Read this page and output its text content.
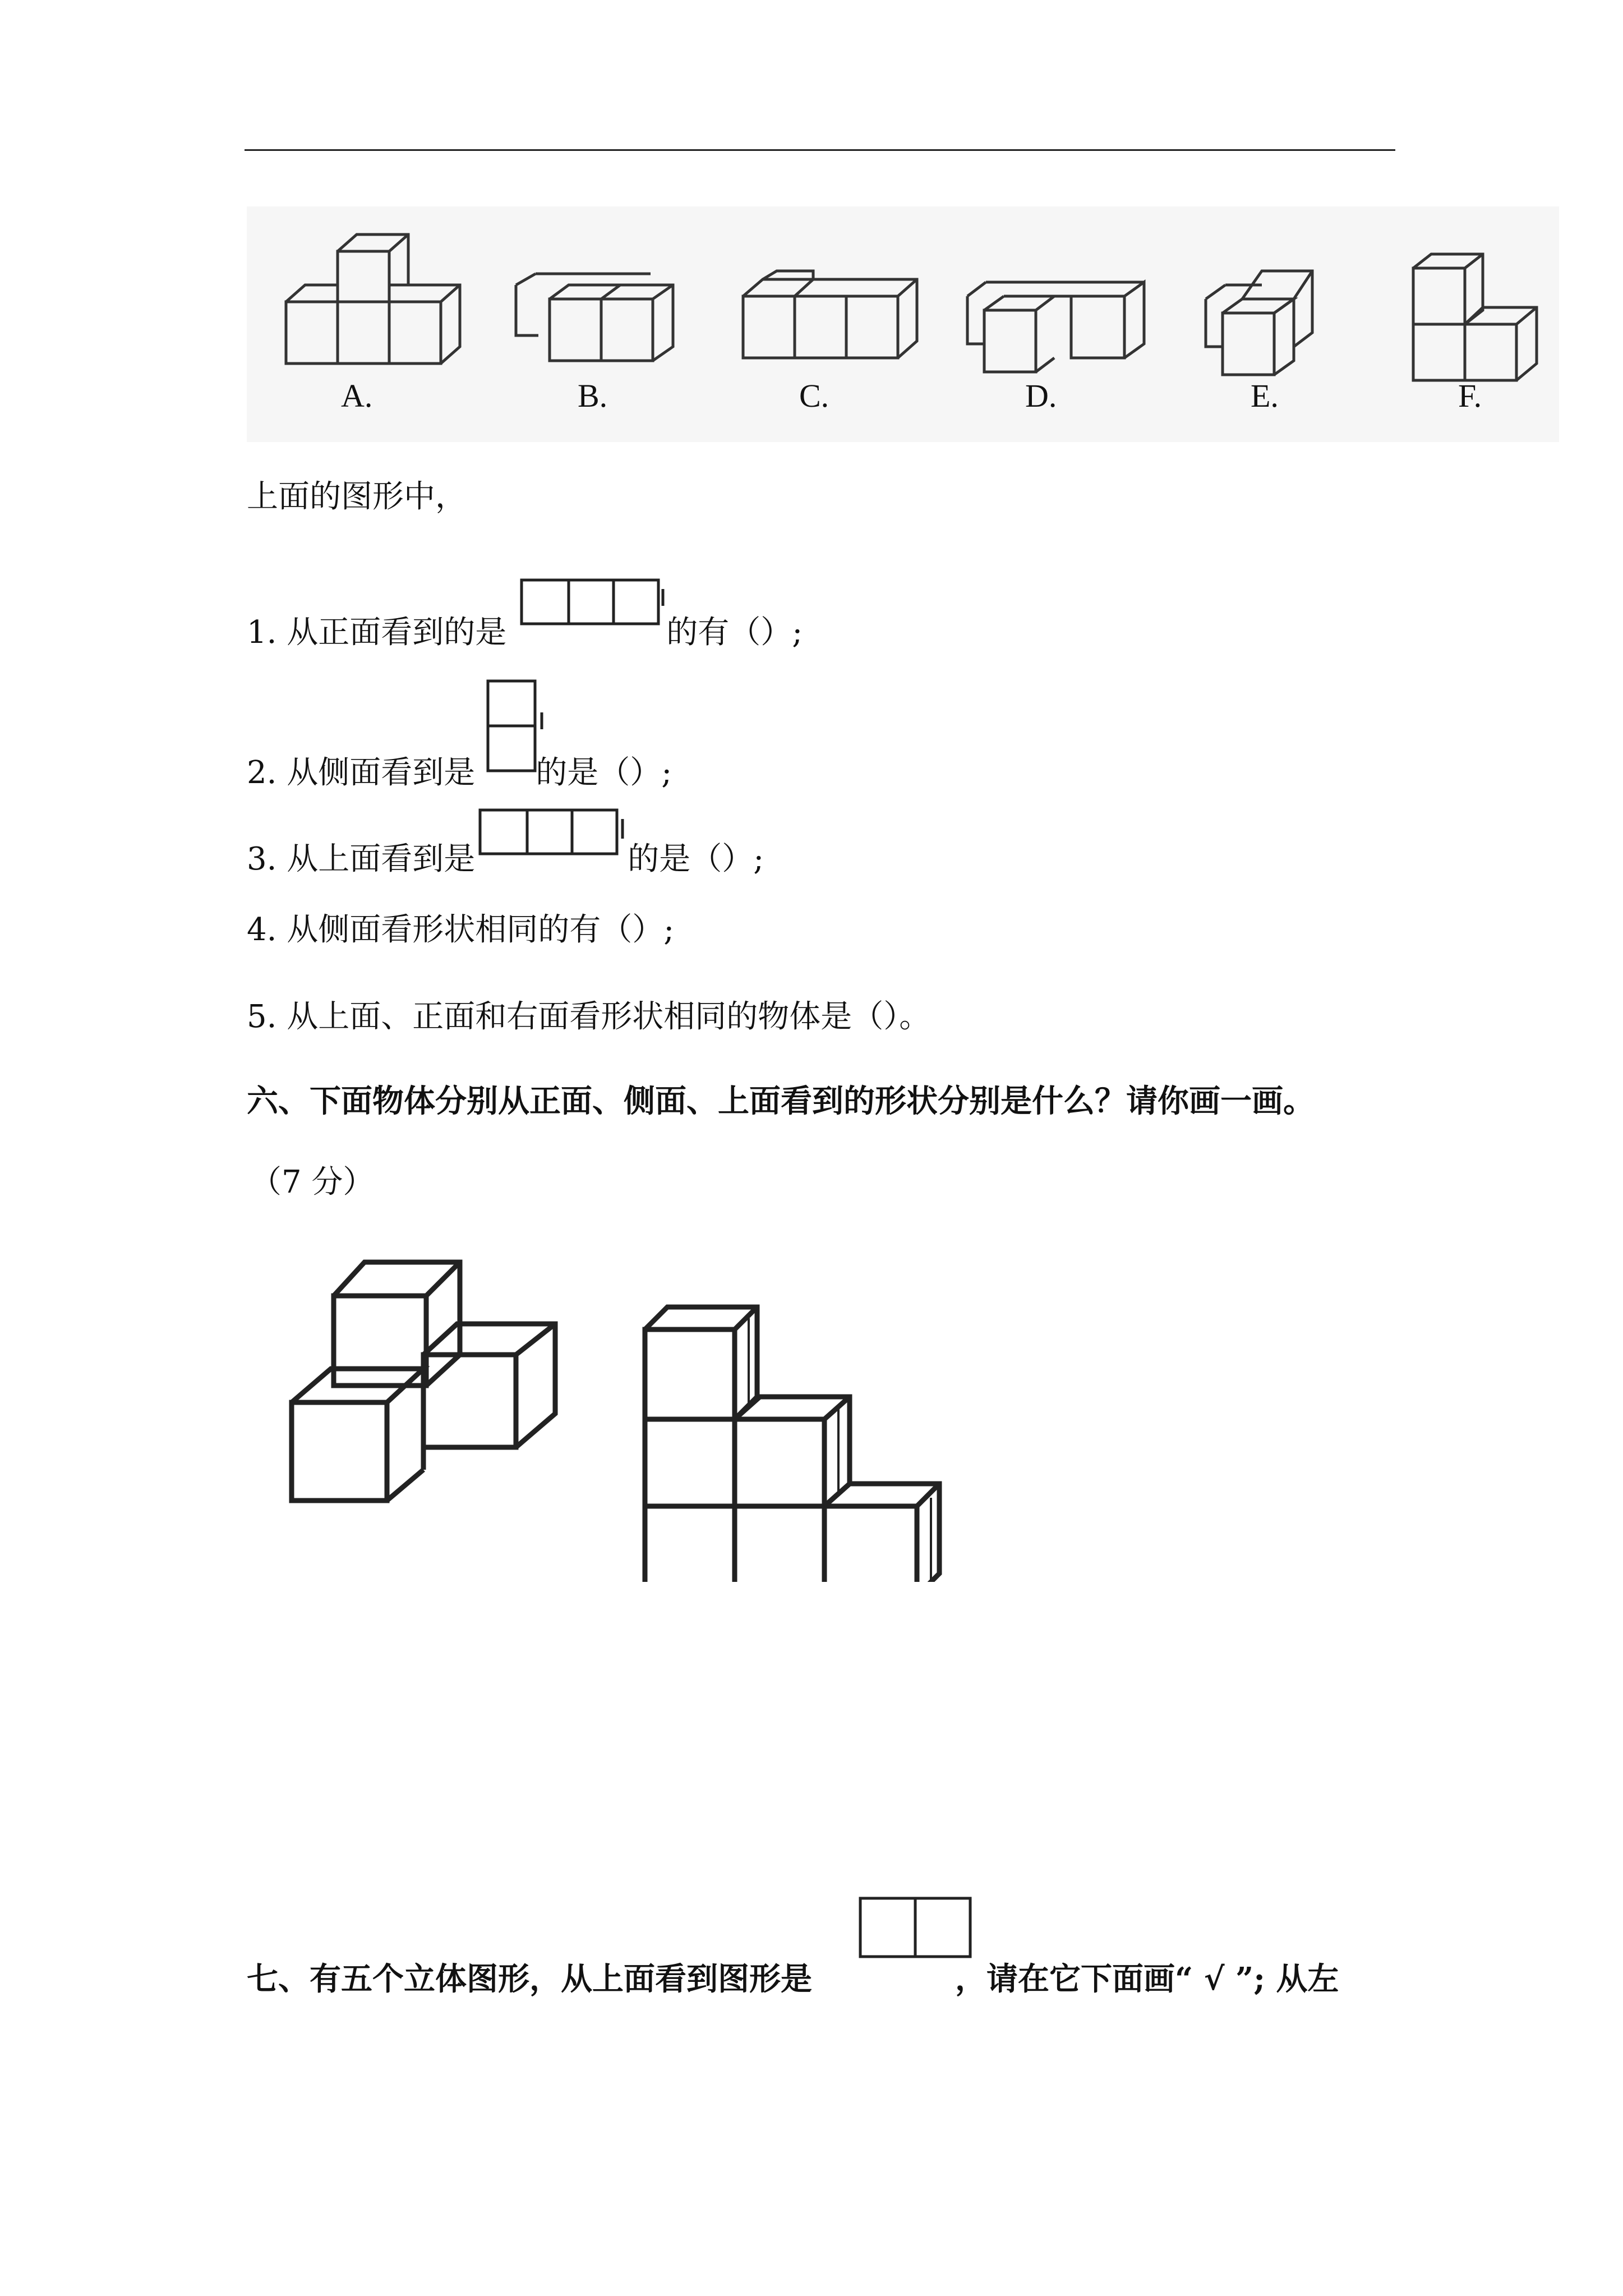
A.	B.	C.	D.	E.	F.
上面的图形中，
1. 从正面看到的是	的有（）;
2. 从侧面看到是 的是（）;
3. 从上面看到是	的是（）;
4. 从侧面看形状相同的有（）;
5. 从上面、正面和右面看形状相同的物体是（）。
六、下面物体分别从正面、侧面、上面看到的形状分别是什么？请你画一画。
（7 分）
七、有五个立体图形，从上面看到图形是	，请在它下面画“ √ ”; 从左
